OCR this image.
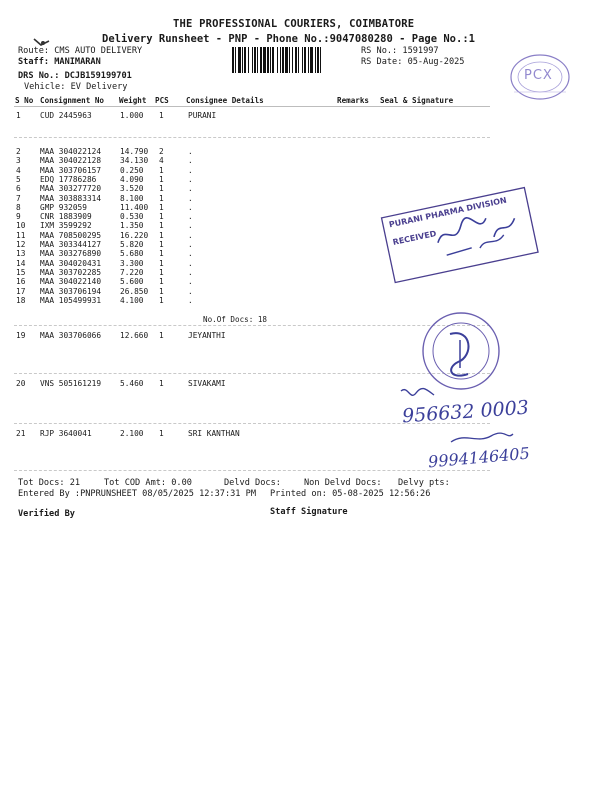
THE PROFESSIONAL COURIERS, COIMBATORE
Delivery Runsheet - PNP - Phone No.:9047080280 - Page No.:1
Route: CMS AUTO DELIVERY
Staff: MANIMARAN
DRS No.: DCJB159199701
Vehicle: EV Delivery
RS No.: 1591997
RS Date: 05-Aug-2025
PCX
S No Consignment No Weight PCS Consignee Details	Remarks Seal & Signature
1 CUD 2445963	1.000 1	PURANI
2 MAA 304022124 14.790 2	.
3 MAA 304022128 34.130 4	.
4 MAA 303706157 0.250 1	.
5 EDQ 17786286	4.090 1	.
6 MAA 303277720 3.520 1	.
7 MAA 303883314 8.100 1	.
8 GMP 932059	11.400 1	.
9 CNR 1883909	0.530 1	.
10 IXM 3599292	1.350 1	.
11 MAA 708500295 16.220 1	.
12 MAA 303344127 5.820 1	.
13 MAA 303276890 5.680 1	.
14 MAA 304020431 3.300 1	.
15 MAA 303702285 7.220 1	.
16 MAA 304022140 5.600 1	.
17 MAA 303706194 26.850 1	.
18 MAA 105499931 4.100 1	.
19 MAA 303706066 12.660 1	JEYANTHI
20 VNS 505161219 5.460 1	SIVAKAMI
21 RJP 3640041	2.100 1	SRI KANTHAN
No.Of Docs: 18
PURANI PHARMA DIVISION
RECEIVED
956632 0003
9994146405
Tot Docs: 21	Tot COD Amt: 0.00	Delvd Docs:	Non Delvd Docs: Delvy pts:
Entered By :PNPRUNSHEET 08/05/2025 12:37:31 PM Printed on: 05-08-2025 12:56:26
Verified By	Staff Signature
